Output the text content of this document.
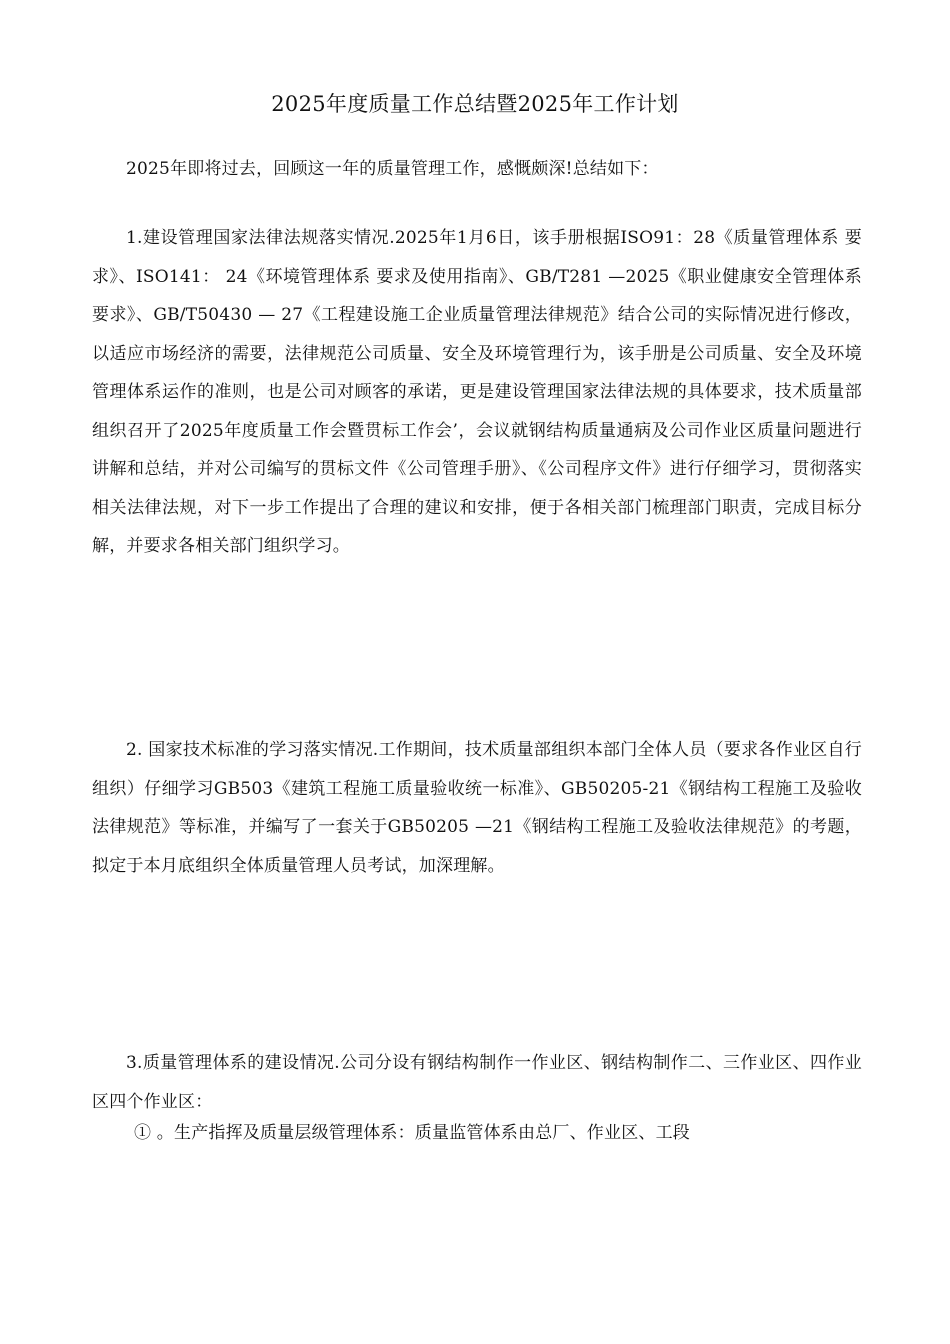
2025年度质量工作总结暨2025年工作计划

2025年即将过去，回顾这一年的质量管理工作，感慨颇深!总结如下：

1.建设管理国家法律法规落实情况.2025年1月6日，该手册根据ISO91：28《质量管理体系 要求》、ISO141： 24《环境管理体系 要求及使用指南》、GB/T281 —2025《职业健康安全管理体系 要求》、GB/T50430 — 27《工程建设施工企业质量管理法律规范》结合公司的实际情况进行修改，以适应市场经济的需要，法律规范公司质量、安全及环境管理行为，该手册是公司质量、安全及环境管理体系运作的准则，也是公司对顾客的承诺，更是建设管理国家法律法规的具体要求，技术质量部组织召开了2025年度质量工作会暨贯标工作会’，会议就钢结构质量通病及公司作业区质量问题进行讲解和总结，并对公司编写的贯标文件《公司管理手册》、《公司程序文件》进行仔细学习，贯彻落实相关法律法规，对下一步工作提出了合理的建议和安排，便于各相关部门梳理部门职责，完成目标分解，并要求各相关部门组织学习。

2. 国家技术标准的学习落实情况.工作期间，技术质量部组织本部门全体人员（要求各作业区自行组织）仔细学习GB503《建筑工程施工质量验收统一标准》、GB50205-21《钢结构工程施工及验收法律规范》等标准，并编写了一套关于GB50205 —21《钢结构工程施工及验收法律规范》的考题，拟定于本月底组织全体质量管理人员考试，加深理解。

3.质量管理体系的建设情况.公司分设有钢结构制作一作业区、钢结构制作二、三作业区、四作业区四个作业区：

① 。生产指挥及质量层级管理体系：质量监管体系由总厂、作业区、工段
